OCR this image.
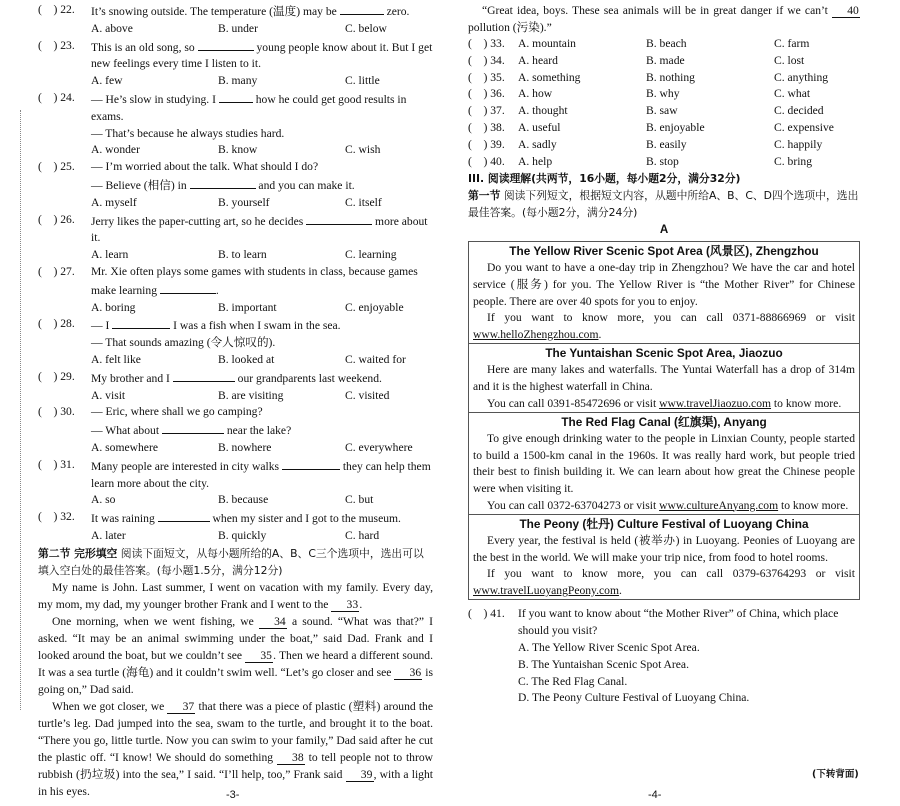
(    ) 22.	It’s snowing outside. The temperature (温度) may be	zero.
A. above	B. under	C. below
(    ) 23.	This is an old song, so	young people know about it. But I get new feelings every time I listen to it.
A. few	B. many	C. little
(    ) 24.	— He’s slow in studying. I	how he could get good results in exams.
— That’s because he always studies hard.
A. wonder	B. know	C. wish
(    ) 25.	— I’m worried about the talk. What should I do?
— Believe (相信) in	and you can make it.
A. myself	B. yourself	C. itself
(    ) 26.	Jerry likes the paper-cutting art, so he decides	more about it.
A. learn	B. to learn	C. learning
(    ) 27.	Mr. Xie often plays some games with students in class, because games make learning	.
A. boring	B. important	C. enjoyable
(    ) 28.	— I	I was a fish when I swam in the sea.
— That sounds amazing (令人惊叹的).
A. felt like	B. looked at	C. waited for
(    ) 29.	My brother and I	our grandparents last weekend.
A. visit	B. are visiting	C. visited
(    ) 30.	— Eric, where shall we go camping?
— What about	near the lake?
A. somewhere	B. nowhere	C. everywhere
(    ) 31.	Many people are interested in city walks	they can help them learn more about the city.
A. so	B. because	C. but
(    ) 32.	It was raining	when my sister and I got to the museum.
A. later	B. quickly	C. hard
第二节 完形填空 阅读下面短文，从每小题所给的A、B、C三个选项中，选出可以填入空白处的最佳答案。(每小题1.5分，满分12分)

My name is John. Last summer, I went on vacation with my family. Every day, my mom, my dad, my younger brother Frank and I went to the 33.

One morning, when we went fishing, we 34 a sound. “What was that?” I asked. “It may be an animal swimming under the boat,” said Dad. Frank and I looked around the boat, but we couldn’t see 35. Then we heard a different sound. It was a sea turtle (海龟) and it couldn’t swim well. “Let’s go closer and see 36 is going on,” Dad said.

When we got closer, we 37 that there was a piece of plastic (塑料) around the turtle’s leg. Dad jumped into the sea, swam to the turtle, and brought it to the boat. “There you go, little turtle. Now you can swim to your family,” Dad said after he cut the plastic off. “I know! We should do something 38 to tell people not to throw rubbish (扔垃圾) into the sea,” I said. “I’ll help, too,” Frank said 39, with a light in his eyes.

“Great idea, boys. These sea animals will be in great danger if we can’t 40 pollution (污染).”

(    ) 33.	A. mountain	B. beach	C. farm
(    ) 34.	A. heard	B. made	C. lost
(    ) 35.	A. something	B. nothing	C. anything
(    ) 36.	A. how	B. why	C. what
(    ) 37.	A. thought	B. saw	C. decided
(    ) 38.	A. useful	B. enjoyable	C. expensive
(    ) 39.	A. sadly	B. easily	C. happily
(    ) 40.	A. help	B. stop	C. bring
III. 阅读理解(共两节，16小题，每小题2分，满分32分)
第一节 阅读下列短文，根据短文内容，从题中所给A、B、C、D四个选项中，选出最佳答案。(每小题2分，满分24分)
A
The Yellow River Scenic Spot Area (风景区), Zhengzhou
Do you want to have a one-day trip in Zhengzhou? We have the car and hotel service (服务) for you. The Yellow River is “the Mother River” for Chinese people. There are over 40 spots for you to enjoy.
If you want to know more, you can call 0371-88866969 or visit www.helloZhengzhou.com.
The Yuntaishan Scenic Spot Area, Jiaozuo
Here are many lakes and waterfalls. The Yuntai Waterfall has a drop of 314m and it is the highest waterfall in China.
You can call 0391-85472696 or visit www.travelJiaozuo.com to know more.
The Red Flag Canal (红旗渠), Anyang
To give enough drinking water to the people in Linxian County, people started to build a 1500-km canal in the 1960s. It was really hard work, but people tried their best to finish building it. We can learn about how great the Chinese people were when visiting it.
You can call 0372-63704273 or visit www.cultureAnyang.com to know more.
The Peony (牡丹) Culture Festival of Luoyang China
Every year, the festival is held (被举办) in Luoyang. Peonies of Luoyang are the best in the world. We will make your trip nice, from food to hotel rooms.
If you want to know more, you can call 0379-63764293 or visit www.travelLuoyangPeony.com.
(    ) 41.	If you want to know about “the Mother River” of China, which place should you visit?
A. The Yellow River Scenic Spot Area.
B. The Yuntaishan Scenic Spot Area.
C. The Red Flag Canal.
D. The Peony Culture Festival of Luoyang China.
-3-	-4-
(下转背面)
